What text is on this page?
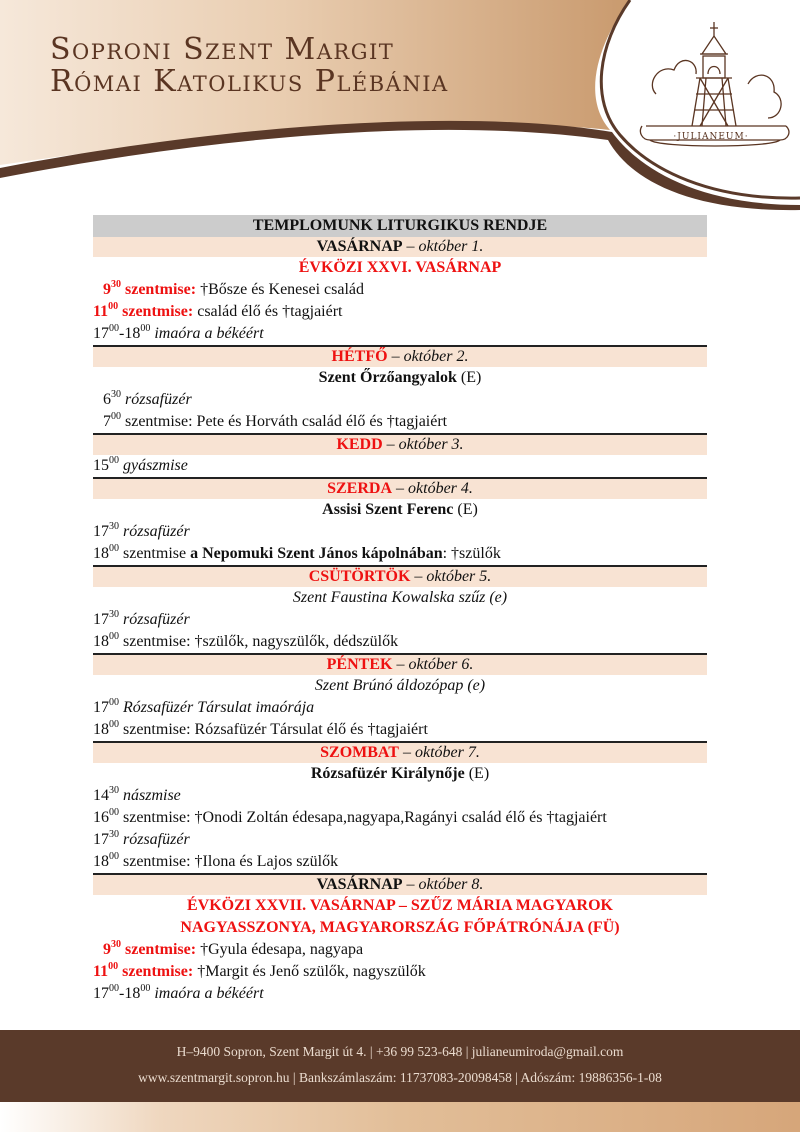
Soproni Szent Margit
Római Katolikus Plébánia
·JULIANEUM·
TEMPLOMUNK LITURGIKUS RENDJE
VASÁRNAP – október 1.
ÉVKÖZI XXVI. VASÁRNAP
$9^{30}$ szentmise: †Bősze és Kenesei család
$11^{00}$ szentmise: család élő és †tagjaiért
$17^{00}-18^{00}$ imaóra a békéért
HÉTFŐ – október 2.
Szent Őrzőangyalok (E)
$6^{30}$ rózsafüzér
$7^{00}$ szentmise: Pete és Horváth család élő és †tagjaiért
KEDD – október 3.
$15^{00}$ gyászmise
SZERDA – október 4.
Assisi Szent Ferenc (E)
$17^{30}$ rózsafüzér
$18^{00}$ szentmise a Nepomuki Szent János kápolnában: †szülők
CSÜTÖRTÖK – október 5.
Szent Faustina Kowalska szűz (e)
$17^{30}$ rózsafüzér
$18^{00}$ szentmise: †szülők, nagyszülők, dédszülők
PÉNTEK – október 6.
Szent Brúnó áldozópap (e)
$17^{00}$ Rózsafüzér Társulat imaórája
$18^{00}$ szentmise: Rózsafüzér Társulat élő és †tagjaiért
SZOMBAT – október 7.
Rózsafüzér Királynője (E)
$14^{30}$ nászmise
$16^{00}$ szentmise: †Onodi Zoltán édesapa,nagyapa,Ragányi család élő és †tagjaiért
$17^{30}$ rózsafüzér
$18^{00}$ szentmise: †Ilona és Lajos szülők
VASÁRNAP – október 8.
ÉVKÖZI XXVII. VASÁRNAP – SZŰZ MÁRIA MAGYAROK
NAGYASSZONYA, MAGYARORSZÁG FŐPÁTRÓNÁJA (FÜ)
$9^{30}$ szentmise: †Gyula édesapa, nagyapa
$11^{00}$ szentmise: †Margit és Jenő szülők, nagyszülők
$17^{00}-18^{00}$ imaóra a békéért
H–9400 Sopron, Szent Margit út 4. | +36 99 523-648 | julianeumiroda@gmail.com
www.szentmargit.sopron.hu | Bankszámlaszám: 11737083-20098458 | Adószám: 19886356-1-08
